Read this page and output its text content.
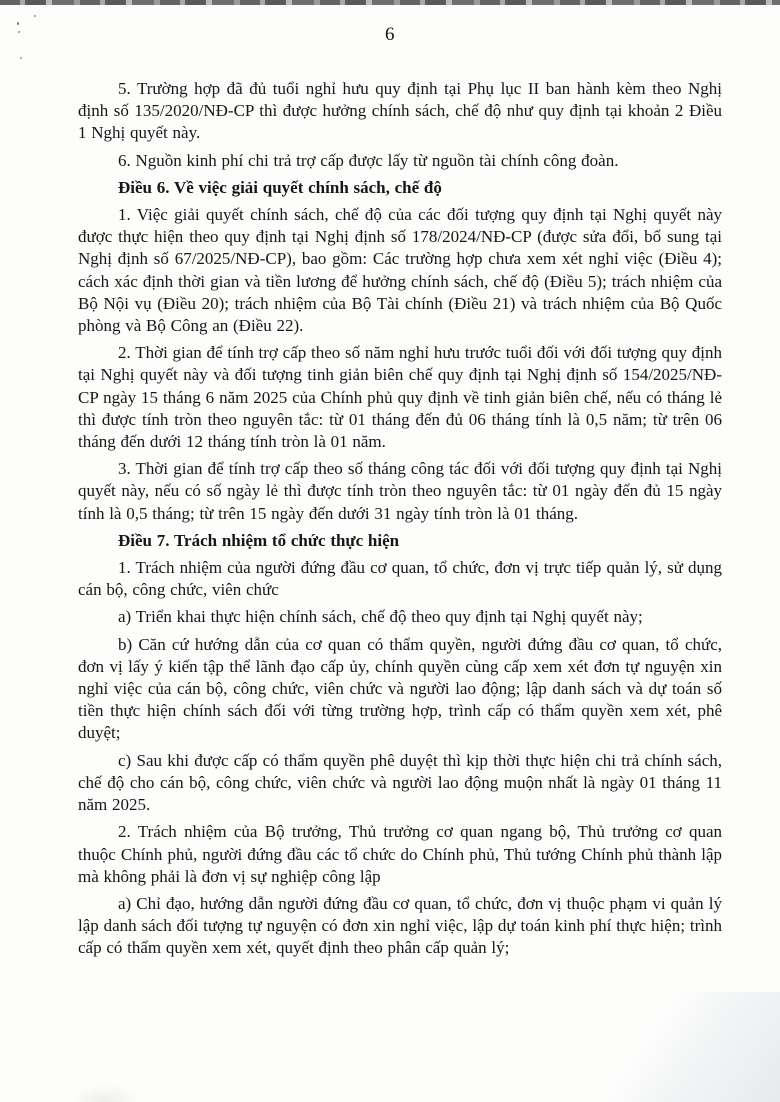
6

5. Trường hợp đã đủ tuổi nghỉ hưu quy định tại Phụ lục II ban hành kèm theo Nghị định số 135/2020/NĐ-CP thì được hưởng chính sách, chế độ như quy định tại khoản 2 Điều 1 Nghị quyết này.

6. Nguồn kinh phí chi trả trợ cấp được lấy từ nguồn tài chính công đoàn.

Điều 6. Về việc giải quyết chính sách, chế độ

1. Việc giải quyết chính sách, chế độ của các đối tượng quy định tại Nghị quyết này được thực hiện theo quy định tại Nghị định số 178/2024/NĐ-CP (được sửa đổi, bổ sung tại Nghị định số 67/2025/NĐ-CP), bao gồm: Các trường hợp chưa xem xét nghỉ việc (Điều 4); cách xác định thời gian và tiền lương để hưởng chính sách, chế độ (Điều 5); trách nhiệm của Bộ Nội vụ (Điều 20); trách nhiệm của Bộ Tài chính (Điều 21) và trách nhiệm của Bộ Quốc phòng và Bộ Công an (Điều 22).

2. Thời gian để tính trợ cấp theo số năm nghỉ hưu trước tuổi đối với đối tượng quy định tại Nghị quyết này và đối tượng tinh giản biên chế quy định tại Nghị định số 154/2025/NĐ-CP ngày 15 tháng 6 năm 2025 của Chính phủ quy định về tinh giản biên chế, nếu có tháng lẻ thì được tính tròn theo nguyên tắc: từ 01 tháng đến đủ 06 tháng tính là 0,5 năm; từ trên 06 tháng đến dưới 12 tháng tính tròn là 01 năm.

3. Thời gian để tính trợ cấp theo số tháng công tác đối với đối tượng quy định tại Nghị quyết này, nếu có số ngày lẻ thì được tính tròn theo nguyên tắc: từ 01 ngày đến đủ 15 ngày tính là 0,5 tháng; từ trên 15 ngày đến dưới 31 ngày tính tròn là 01 tháng.

Điều 7. Trách nhiệm tổ chức thực hiện

1. Trách nhiệm của người đứng đầu cơ quan, tổ chức, đơn vị trực tiếp quản lý, sử dụng cán bộ, công chức, viên chức

a) Triển khai thực hiện chính sách, chế độ theo quy định tại Nghị quyết này;

b) Căn cứ hướng dẫn của cơ quan có thẩm quyền, người đứng đầu cơ quan, tổ chức, đơn vị lấy ý kiến tập thể lãnh đạo cấp ủy, chính quyền cùng cấp xem xét đơn tự nguyện xin nghỉ việc của cán bộ, công chức, viên chức và người lao động; lập danh sách và dự toán số tiền thực hiện chính sách đối với từng trường hợp, trình cấp có thẩm quyền xem xét, phê duyệt;

c) Sau khi được cấp có thẩm quyền phê duyệt thì kịp thời thực hiện chi trả chính sách, chế độ cho cán bộ, công chức, viên chức và người lao động muộn nhất là ngày 01 tháng 11 năm 2025.

2. Trách nhiệm của Bộ trưởng, Thủ trưởng cơ quan ngang bộ, Thủ trưởng cơ quan thuộc Chính phủ, người đứng đầu các tổ chức do Chính phủ, Thủ tướng Chính phủ thành lập mà không phải là đơn vị sự nghiệp công lập

a) Chỉ đạo, hướng dẫn người đứng đầu cơ quan, tổ chức, đơn vị thuộc phạm vi quản lý lập danh sách đối tượng tự nguyện có đơn xin nghỉ việc, lập dự toán kinh phí thực hiện; trình cấp có thẩm quyền xem xét, quyết định theo phân cấp quản lý;
